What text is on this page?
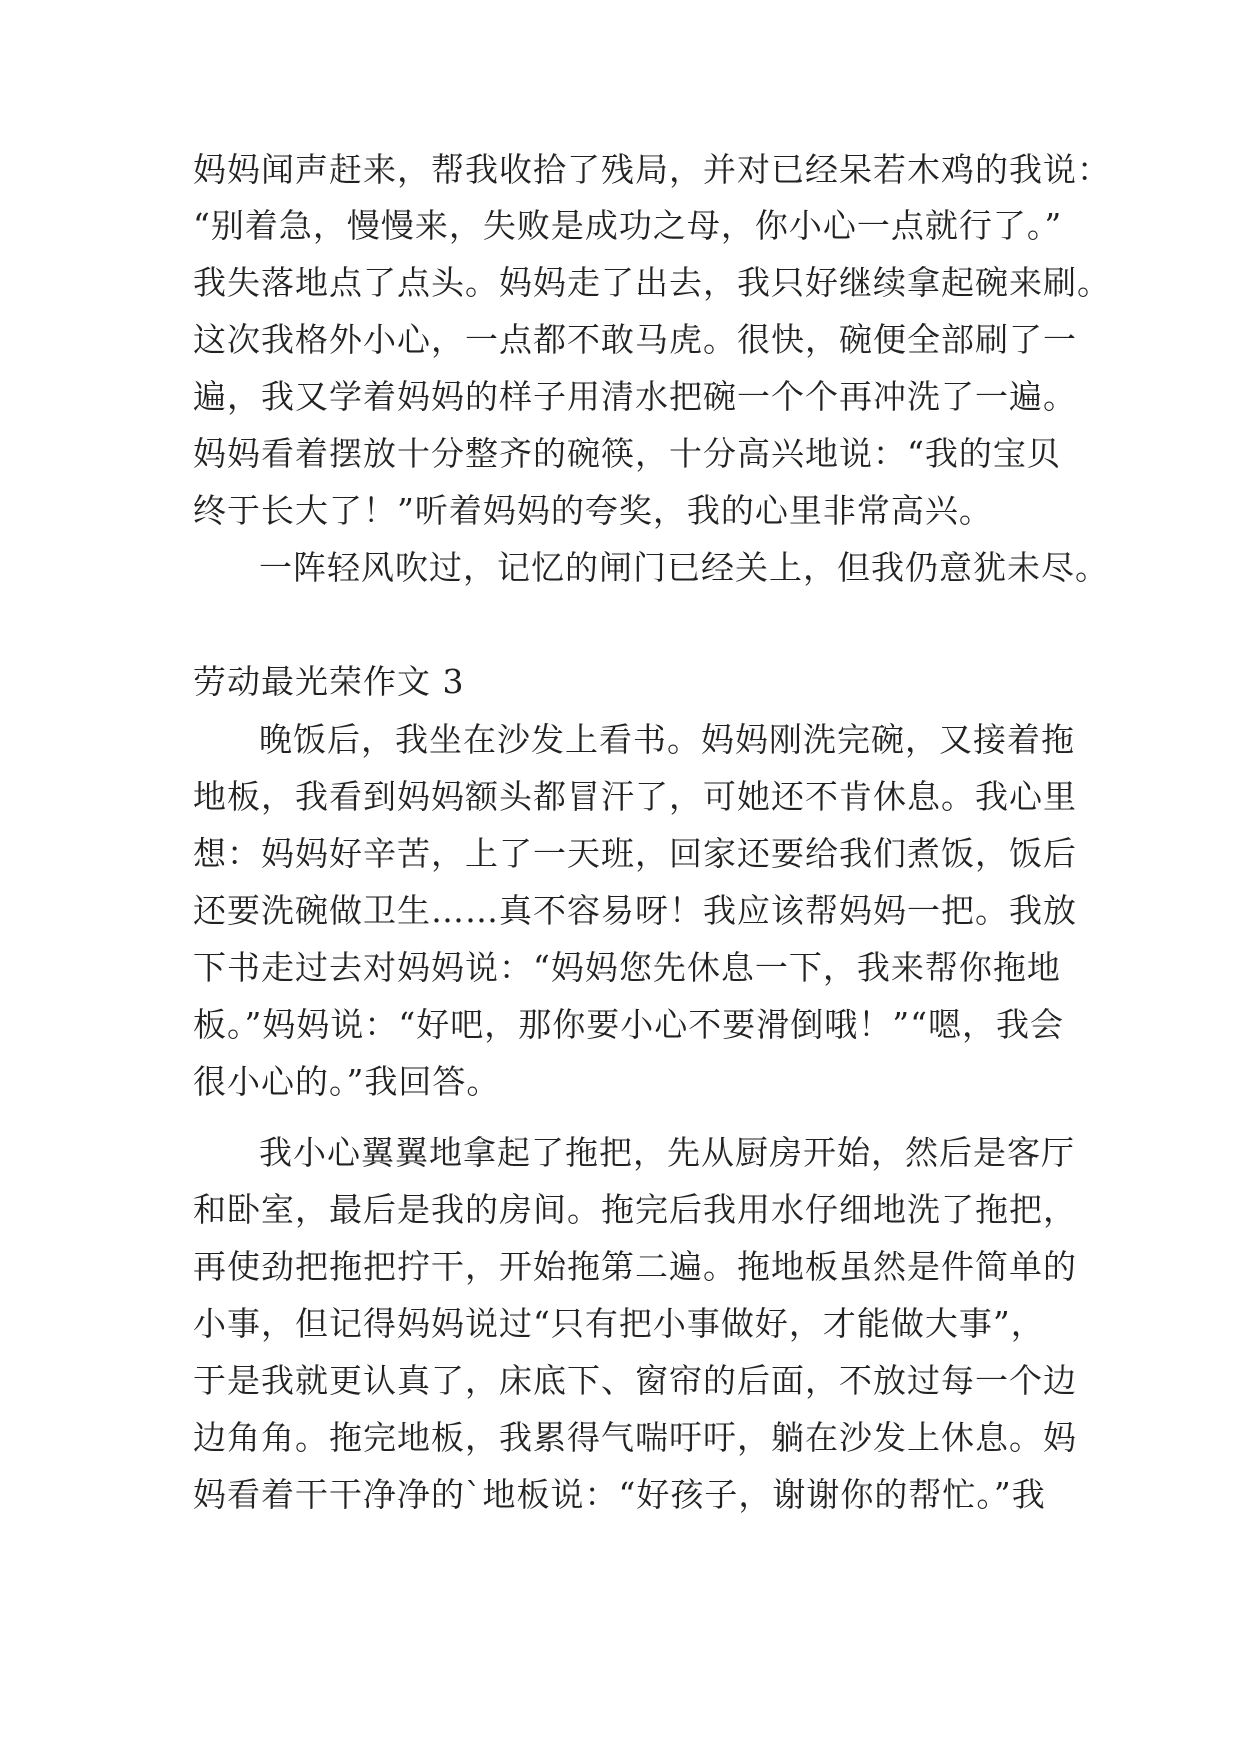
妈妈闻声赶来，帮我收拾了残局，并对已经呆若木鸡的我说：
“别着急，慢慢来，失败是成功之母，你小心一点就行了。”
我失落地点了点头。妈妈走了出去，我只好继续拿起碗来刷。
这次我格外小心，一点都不敢马虎。很快，碗便全部刷了一
遍，我又学着妈妈的样子用清水把碗一个个再冲洗了一遍。
妈妈看着摆放十分整齐的碗筷，十分高兴地说：“我的宝贝
终于长大了！”听着妈妈的夸奖，我的心里非常高兴。
一阵轻风吹过，记忆的闸门已经关上，但我仍意犹未尽。
劳动最光荣作文 3
晚饭后，我坐在沙发上看书。妈妈刚洗完碗，又接着拖
地板，我看到妈妈额头都冒汗了，可她还不肯休息。我心里
想：妈妈好辛苦，上了一天班，回家还要给我们煮饭，饭后
还要洗碗做卫生……真不容易呀！我应该帮妈妈一把。我放
下书走过去对妈妈说：“妈妈您先休息一下，我来帮你拖地
板。”妈妈说：“好吧，那你要小心不要滑倒哦！”“嗯，我会
很小心的。”我回答。
我小心翼翼地拿起了拖把，先从厨房开始，然后是客厅
和卧室，最后是我的房间。拖完后我用水仔细地洗了拖把，
再使劲把拖把拧干，开始拖第二遍。拖地板虽然是件简单的
小事，但记得妈妈说过“只有把小事做好，才能做大事”，
于是我就更认真了，床底下、窗帘的后面，不放过每一个边
边角角。拖完地板，我累得气喘吁吁，躺在沙发上休息。妈
妈看着干干净净的`地板说：“好孩子，谢谢你的帮忙。”我
